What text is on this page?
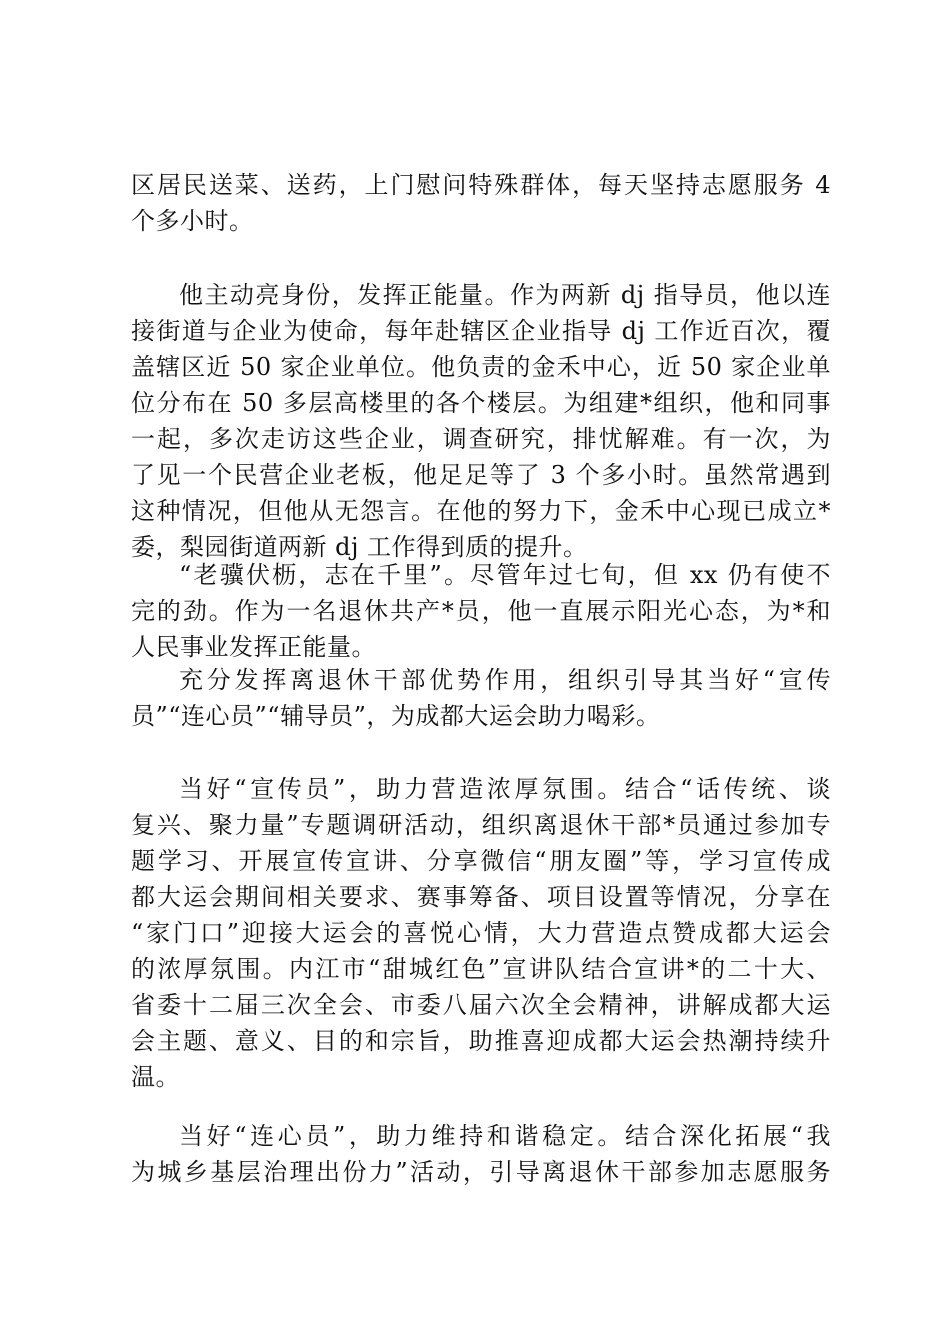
区居民送菜、送药，上门慰问特殊群体，每天坚持志愿服务 4
个多小时。
他主动亮身份，发挥正能量。作为两新 dj 指导员，他以连
接街道与企业为使命，每年赴辖区企业指导 dj 工作近百次，覆
盖辖区近 50 家企业单位。他负责的金禾中心，近 50 家企业单
位分布在 50 多层高楼里的各个楼层。为组建*组织，他和同事
一起，多次走访这些企业，调查研究，排忧解难。有一次，为
了见一个民营企业老板，他足足等了 3 个多小时。虽然常遇到
这种情况，但他从无怨言。在他的努力下，金禾中心现已成立*
委，梨园街道两新 dj 工作得到质的提升。
“老骥伏枥，志在千里”。尽管年过七旬，但 xx 仍有使不
完的劲。作为一名退休共产*员，他一直展示阳光心态，为*和
人民事业发挥正能量。
充分发挥离退休干部优势作用，组织引导其当好“宣传
员”“连心员”“辅导员”，为成都大运会助力喝彩。
当好“宣传员”，助力营造浓厚氛围。结合“话传统、谈
复兴、聚力量”专题调研活动，组织离退休干部*员通过参加专
题学习、开展宣传宣讲、分享微信“朋友圈”等，学习宣传成
都大运会期间相关要求、赛事筹备、项目设置等情况，分享在
“家门口”迎接大运会的喜悦心情，大力营造点赞成都大运会
的浓厚氛围。内江市“甜城红色”宣讲队结合宣讲*的二十大、
省委十二届三次全会、市委八届六次全会精神，讲解成都大运
会主题、意义、目的和宗旨，助推喜迎成都大运会热潮持续升
温。
当好“连心员”，助力维持和谐稳定。结合深化拓展“我
为城乡基层治理出份力”活动，引导离退休干部参加志愿服务
